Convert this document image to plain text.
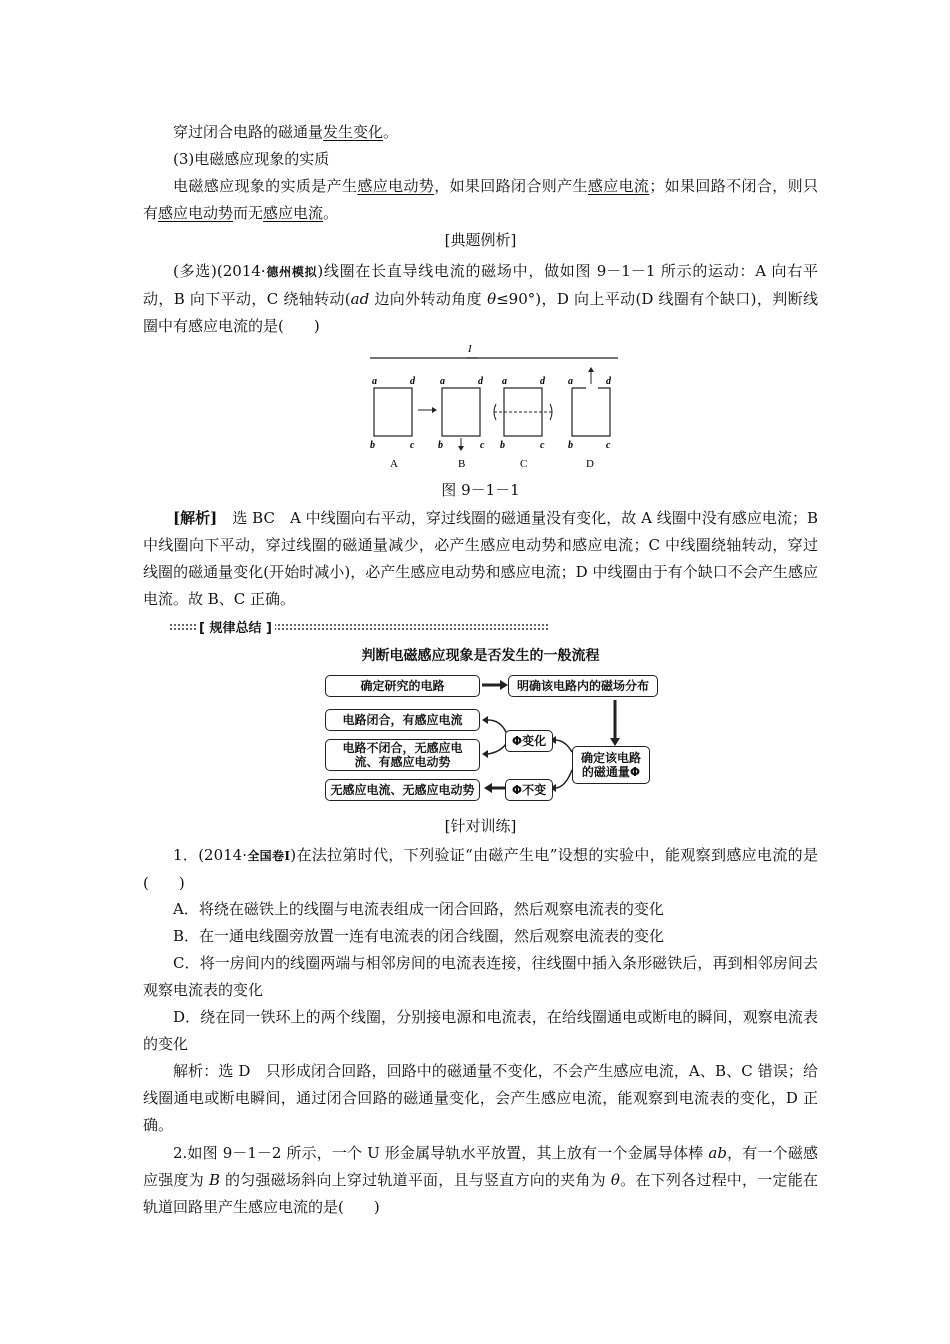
穿过闭合电路的磁通量发生变化。

(3)电磁感应现象的实质

电磁感应现象的实质是产生感应电动势，如果回路闭合则产生感应电流；如果回路不闭合，则只有感应电动势而无感应电流。

[典题例析]

(多选)(2014·德州模拟)线圈在长直导线电流的磁场中，做如图 9－1－1 所示的运动：A 向右平动，B 向下平动，C 绕轴转动(ad 边向外转动角度 θ≤90°)，D 向上平动(D 线圈有个缺口)，判断线圈中有感应电流的是(　　)

I
a	d
b	c
A
a	d
b	c
B
a	d
b	c
C
a	d
b	c
D
图 9－1－1

[解析]　选 BC　A 中线圈向右平动，穿过线圈的磁通量没有变化，故 A 线圈中没有感应电流；B 中线圈向下平动，穿过线圈的磁通量减少，必产生感应电动势和感应电流；C 中线圈绕轴转动，穿过线圈的磁通量变化(开始时减小)，必产生感应电动势和感应电流；D 中线圈由于有个缺口不会产生感应电流。故 B、C 正确。

[ 规律总结 ]
判断电磁感应现象是否发生的一般流程
确定研究的电路	明确该电路内的磁场分布
电路闭合，有感应电流
电路不闭合，无感应电流、有感应电动势
Φ变化
确定该电路的磁通量Φ
无感应电流、无感应电动势	Φ不变
[针对训练]

1．(2014·全国卷Ⅰ)在法拉第时代，下列验证“由磁产生电”设想的实验中，能观察到感应电流的是(　　)

A．将绕在磁铁上的线圈与电流表组成一闭合回路，然后观察电流表的变化

B．在一通电线圈旁放置一连有电流表的闭合线圈，然后观察电流表的变化

C．将一房间内的线圈两端与相邻房间的电流表连接，往线圈中插入条形磁铁后，再到相邻房间去观察电流表的变化

D．绕在同一铁环上的两个线圈，分别接电源和电流表，在给线圈通电或断电的瞬间，观察电流表的变化

解析：选 D　只形成闭合回路，回路中的磁通量不变化，不会产生感应电流，A、B、C 错误；给线圈通电或断电瞬间，通过闭合回路的磁通量变化，会产生感应电流，能观察到电流表的变化，D 正确。

2.如图 9－1－2 所示，一个 U 形金属导轨水平放置，其上放有一个金属导体棒 ab，有一个磁感应强度为 B 的匀强磁场斜向上穿过轨道平面，且与竖直方向的夹角为 θ。在下列各过程中，一定能在轨道回路里产生感应电流的是(　　)
